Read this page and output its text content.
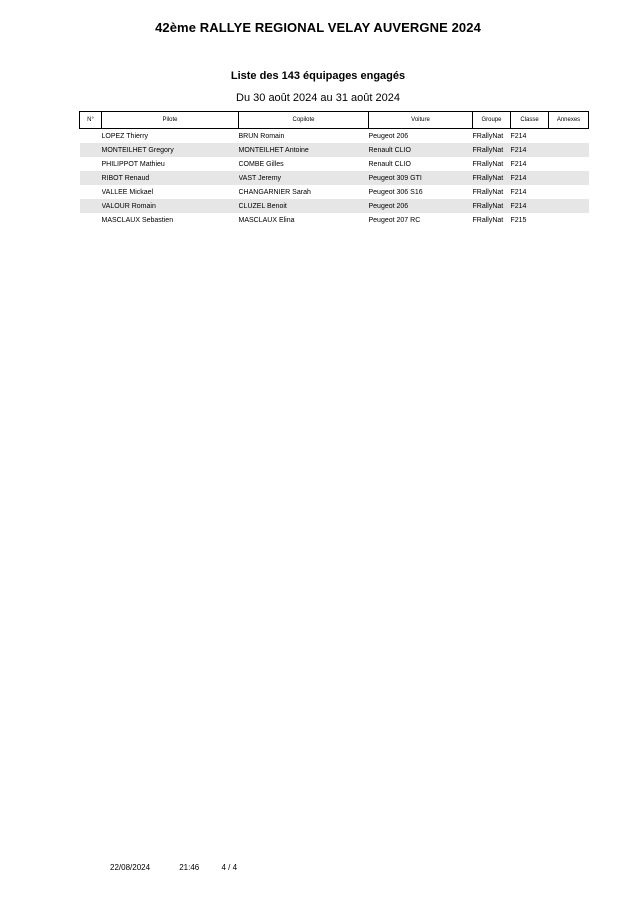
42ème RALLYE REGIONAL VELAY AUVERGNE 2024
Liste des 143 équipages engagés
Du 30 août 2024 au 31 août 2024
N°	Pilote	Copilote	Voiture	Groupe	Classe	Annexes
	LOPEZ Thierry	BRUN Romain	Peugeot 206	FRallyNat	F214	
	MONTEILHET Gregory	MONTEILHET Antoine	Renault CLIO	FRallyNat	F214	
	PHILIPPOT Mathieu	COMBE Gilles	Renault CLIO	FRallyNat	F214	
	RIBOT Renaud	VAST Jeremy	Peugeot 309 GTI	FRallyNat	F214	
	VALLEE Mickael	CHANGARNIER Sarah	Peugeot 306 S16	FRallyNat	F214	
	VALOUR Romain	CLUZEL Benoit	Peugeot 206	FRallyNat	F214	
	MASCLAUX Sebastien	MASCLAUX Elina	Peugeot 207 RC	FRallyNat	F215	
22/08/2024	21:46	4 / 4
